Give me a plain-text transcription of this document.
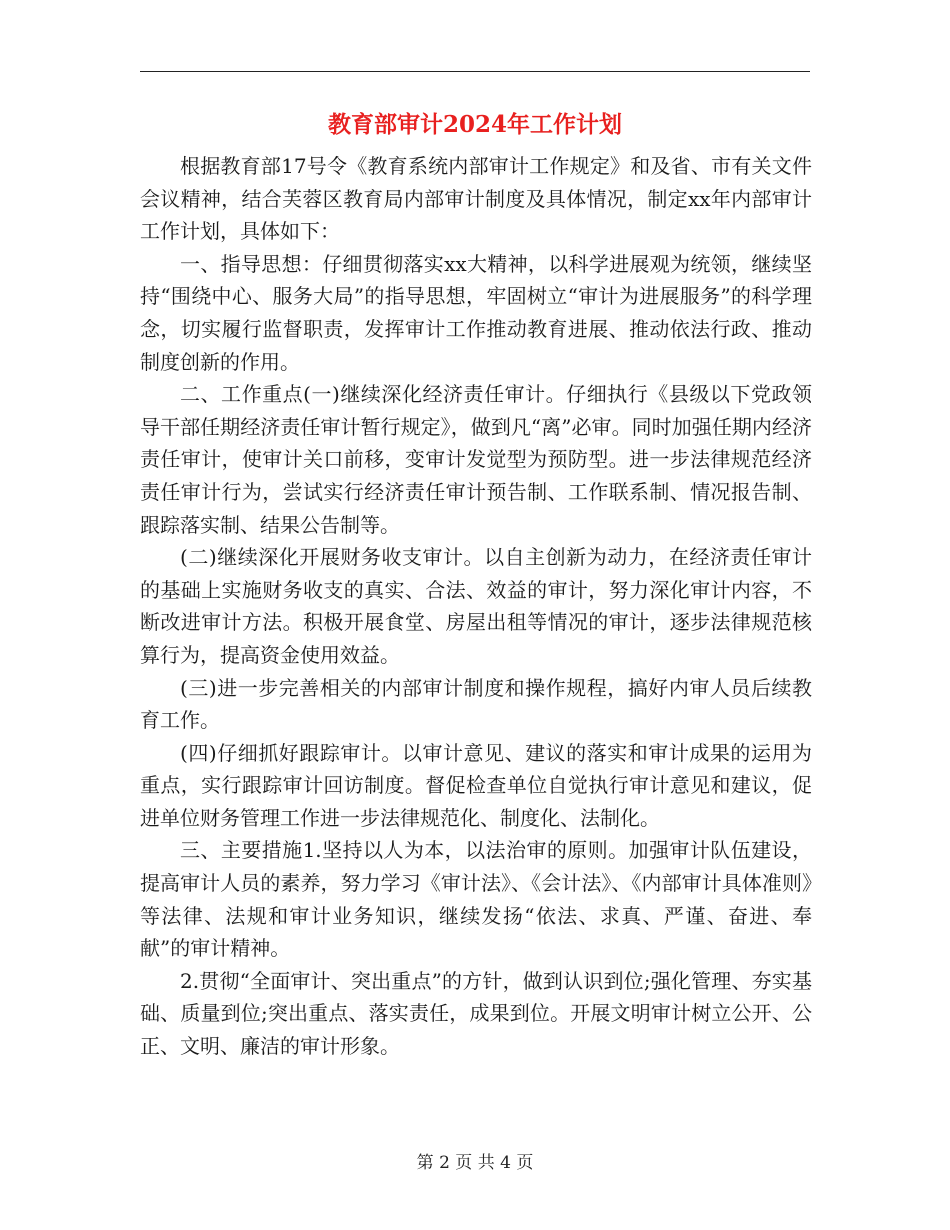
教育部审计2024年工作计划

根据教育部17号令《教育系统内部审计工作规定》和及省、市有关文件会议精神，结合芙蓉区教育局内部审计制度及具体情况，制定xx年内部审计工作计划，具体如下：

一、指导思想：仔细贯彻落实xx大精神，以科学进展观为统领，继续坚持“围绕中心、服务大局”的指导思想，牢固树立“审计为进展服务”的科学理念，切实履行监督职责，发挥审计工作推动教育进展、推动依法行政、推动制度创新的作用。

二、工作重点(一)继续深化经济责任审计。仔细执行《县级以下党政领导干部任期经济责任审计暂行规定》，做到凡“离”必审。同时加强任期内经济责任审计，使审计关口前移，变审计发觉型为预防型。进一步法律规范经济责任审计行为，尝试实行经济责任审计预告制、工作联系制、情况报告制、跟踪落实制、结果公告制等。

(二)继续深化开展财务收支审计。以自主创新为动力，在经济责任审计的基础上实施财务收支的真实、合法、效益的审计，努力深化审计内容，不断改进审计方法。积极开展食堂、房屋出租等情况的审计，逐步法律规范核算行为，提高资金使用效益。

(三)进一步完善相关的内部审计制度和操作规程，搞好内审人员后续教育工作。

(四)仔细抓好跟踪审计。以审计意见、建议的落实和审计成果的运用为重点，实行跟踪审计回访制度。督促检查单位自觉执行审计意见和建议，促进单位财务管理工作进一步法律规范化、制度化、法制化。

三、主要措施1.坚持以人为本，以法治审的原则。加强审计队伍建设，提高审计人员的素养，努力学习《审计法》、《会计法》、《内部审计具体准则》等法律、法规和审计业务知识，继续发扬“依法、求真、严谨、奋进、奉献”的审计精神。

2.贯彻“全面审计、突出重点”的方针，做到认识到位;强化管理、夯实基础、质量到位;突出重点、落实责任，成果到位。开展文明审计树立公开、公正、文明、廉洁的审计形象。

第 2 页 共 4 页
